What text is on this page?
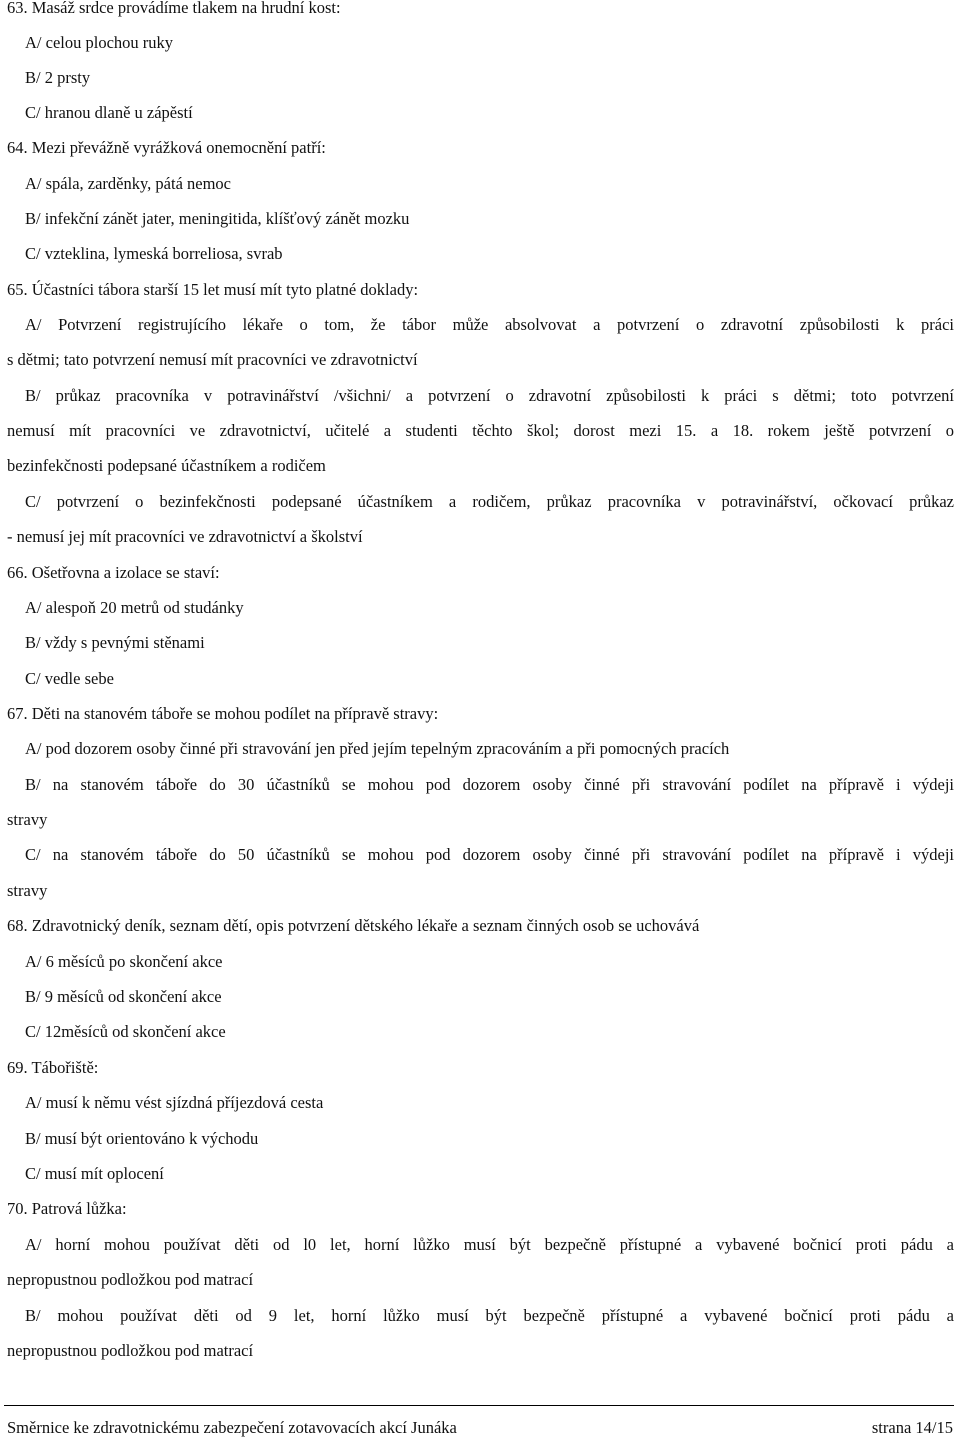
63. Masáž srdce provádíme tlakem na hrudní kost:
A/ celou plochou ruky
B/ 2 prsty
C/ hranou dlaně u zápěstí
64. Mezi převážně vyrážková onemocnění patří:
A/ spála, zarděnky, pátá nemoc
B/ infekční zánět jater, meningitida, klíšťový zánět mozku
C/ vzteklina, lymeská borreliosa, svrab
65. Účastníci tábora starší 15 let musí mít tyto platné doklady:
A/ Potvrzení registrujícího lékaře o tom, že tábor může absolvovat a potvrzení o zdravotní způsobilosti k práci
s dětmi; tato potvrzení nemusí mít pracovníci ve zdravotnictví
B/ průkaz pracovníka v potravinářství /všichni/ a potvrzení o zdravotní způsobilosti k práci s dětmi; toto potvrzení
nemusí mít pracovníci ve zdravotnictví, učitelé a studenti těchto škol; dorost mezi 15. a 18. rokem ještě potvrzení o
bezinfekčnosti podepsané účastníkem a rodičem
C/ potvrzení o bezinfekčnosti podepsané účastníkem a rodičem, průkaz pracovníka v potravinářství, očkovací průkaz
- nemusí jej mít pracovníci ve zdravotnictví a školství
66. Ošetřovna a izolace se staví:
A/ alespoň 20 metrů od studánky
B/ vždy s pevnými stěnami
C/ vedle sebe
67. Děti na stanovém táboře se mohou podílet na přípravě stravy:
A/ pod dozorem osoby činné při stravování jen před jejím tepelným zpracováním a při pomocných pracích
B/ na stanovém táboře do 30 účastníků se mohou pod dozorem osoby činné při stravování podílet na přípravě i výdeji
stravy
C/ na stanovém táboře do 50 účastníků se mohou pod dozorem osoby činné při stravování podílet na přípravě i výdeji
stravy
68. Zdravotnický deník, seznam dětí, opis potvrzení dětského lékaře a seznam činných osob se uchovává
A/ 6 měsíců po skončení akce
B/ 9 měsíců od skončení akce
C/ 12měsíců od skončení akce
69. Tábořiště:
A/ musí k němu vést sjízdná příjezdová cesta
B/ musí být orientováno k východu
C/ musí mít oplocení
70. Patrová lůžka:
A/ horní mohou používat děti od l0 let, horní lůžko musí být bezpečně přístupné a vybavené bočnicí proti pádu a
nepropustnou podložkou pod matrací
B/ mohou používat děti od 9 let, horní lůžko musí být bezpečně přístupné a vybavené bočnicí proti pádu a
nepropustnou podložkou pod matrací
Směrnice ke zdravotnickému zabezpečení zotavovacích akcí Junáka	strana 14/15
